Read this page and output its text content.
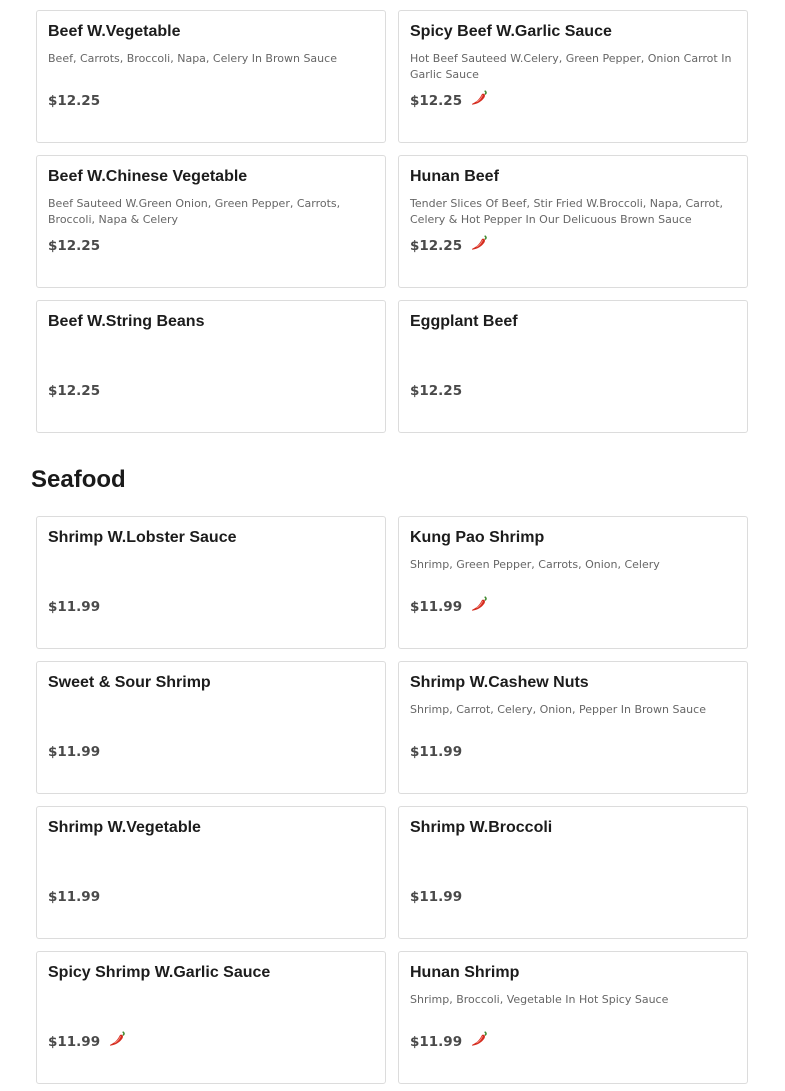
Beef W.Vegetable
Beef, Carrots, Broccoli, Napa, Celery In Brown Sauce
$12.25
Spicy Beef W.Garlic Sauce
Hot Beef Sauteed W.Celery, Green Pepper, Onion Carrot In Garlic Sauce
$12.25
Beef W.Chinese Vegetable
Beef Sauteed W.Green Onion, Green Pepper, Carrots, Broccoli, Napa & Celery
$12.25
Hunan Beef
Tender Slices Of Beef, Stir Fried W.Broccoli, Napa, Carrot, Celery & Hot Pepper In Our Delicuous Brown Sauce
$12.25
Beef W.String Beans
$12.25
Eggplant Beef
$12.25
Seafood
Shrimp W.Lobster Sauce
$11.99
Kung Pao Shrimp
Shrimp, Green Pepper, Carrots, Onion, Celery
$11.99
Sweet & Sour Shrimp
$11.99
Shrimp W.Cashew Nuts
Shrimp, Carrot, Celery, Onion, Pepper In Brown Sauce
$11.99
Shrimp W.Vegetable
$11.99
Shrimp W.Broccoli
$11.99
Spicy Shrimp W.Garlic Sauce
$11.99
Hunan Shrimp
Shrimp, Broccoli, Vegetable In Hot Spicy Sauce
$11.99
